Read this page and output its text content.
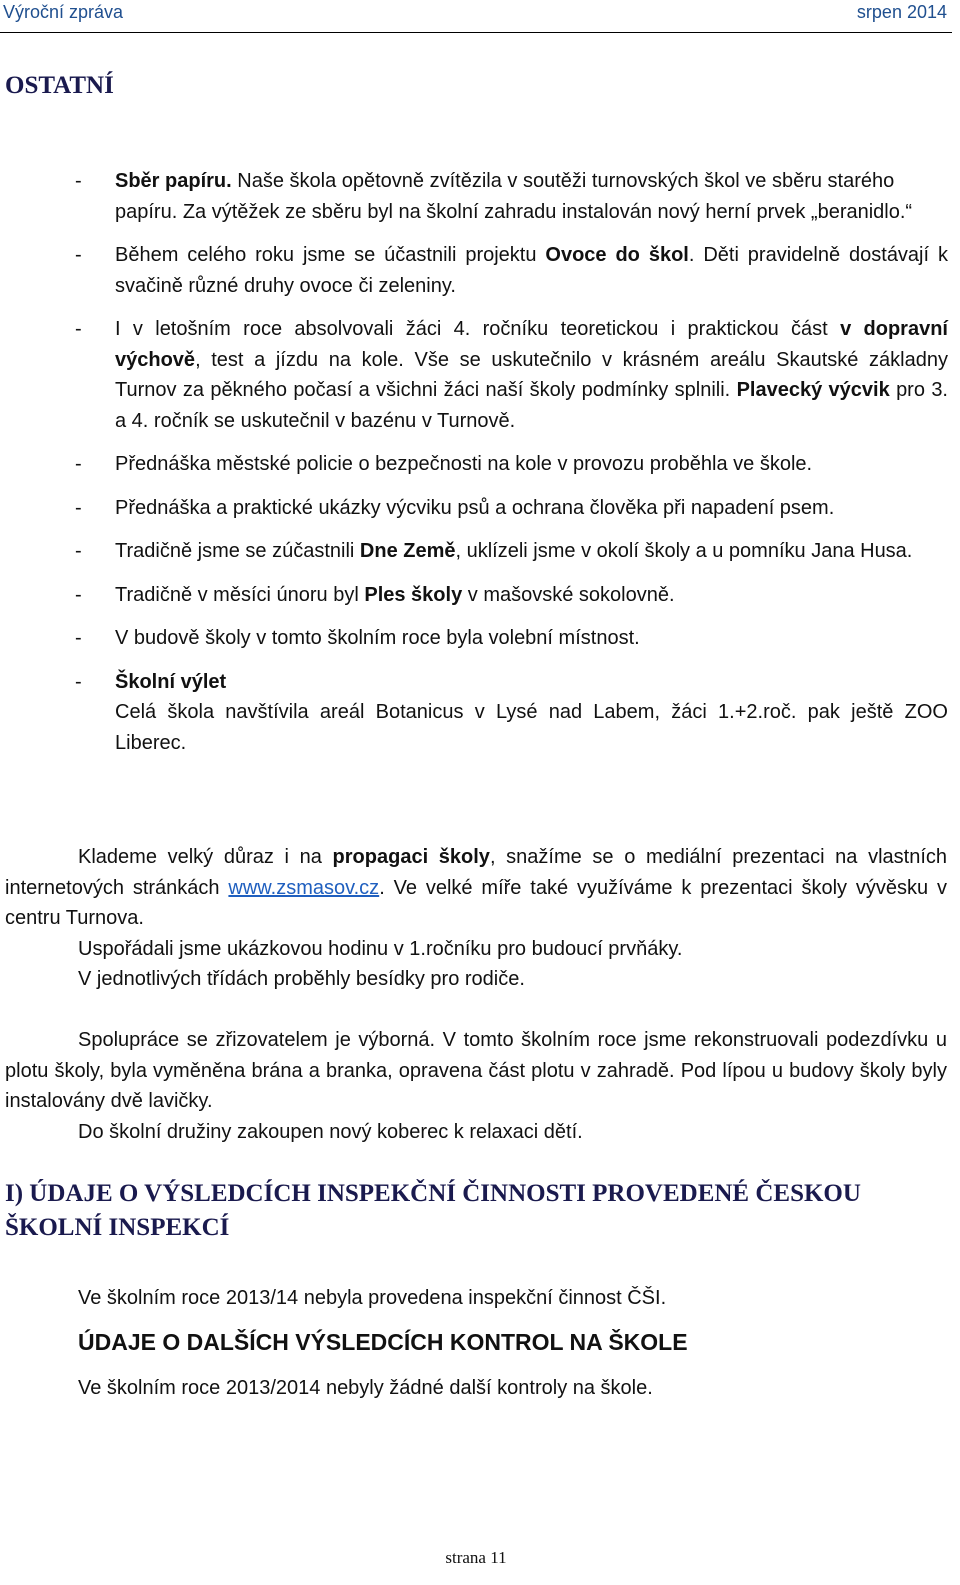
Výroční zpráva	srpen 2014
OSTATNÍ
- Sběr papíru. Naše škola opětovně zvítězila v soutěži turnovských škol ve sběru starého papíru. Za výtěžek ze sběru byl na školní zahradu instalován nový herní prvek „beranidlo.“
- Během celého roku jsme se účastnili projektu Ovoce do škol. Děti pravidelně dostávají k svačině různé druhy ovoce či zeleniny.
- I v letošním roce absolvovali žáci 4. ročníku teoretickou i praktickou část v dopravní výchově, test a jízdu na kole. Vše se uskutečnilo v krásném areálu Skautské základny Turnov za pěkného počasí a všichni žáci naší školy podmínky splnili. Plavecký výcvik pro 3. a 4. ročník se uskutečnil v bazénu v Turnově.
- Přednáška městské policie o bezpečnosti na kole v provozu proběhla ve škole.
- Přednáška a praktické ukázky výcviku psů a ochrana člověka při napadení psem.
- Tradičně jsme se zúčastnili Dne Země, uklízeli jsme v okolí školy a u pomníku Jana Husa.
- Tradičně v měsíci únoru byl Ples školy v mašovské sokolovně.
- V budově školy v tomto školním roce byla volební místnost.
- Školní výlet
Celá škola navštívila areál Botanicus v Lysé nad Labem, žáci 1.+2.roč. pak ještě ZOO Liberec.

Klademe velký důraz i na propagaci školy, snažíme se o mediální prezentaci na vlastních internetových stránkách www.zsmasov.cz. Ve velké míře také využíváme k prezentaci školy vývěsku v centru Turnova.

Uspořádali jsme ukázkovou hodinu v 1.ročníku pro budoucí prvňáky.

V jednotlivých třídách proběhly besídky pro rodiče.

Spolupráce se zřizovatelem je výborná. V tomto školním roce jsme rekonstruovali podezdívku u plotu školy, byla vyměněna brána a branka, opravena část plotu v zahradě. Pod lípou u budovy školy byly instalovány dvě lavičky.

Do školní družiny zakoupen nový koberec k relaxaci dětí.

I) ÚDAJE O VÝSLEDCÍCH INSPEKČNÍ ČINNOSTI PROVEDENÉ ČESKOU ŠKOLNÍ INSPEKCÍ

Ve školním roce 2013/14 nebyla provedena inspekční činnost ČŠI.

ÚDAJE O DALŠÍCH VÝSLEDCÍCH KONTROL NA ŠKOLE

Ve školním roce 2013/2014 nebyly žádné další kontroly na škole.

strana 11
